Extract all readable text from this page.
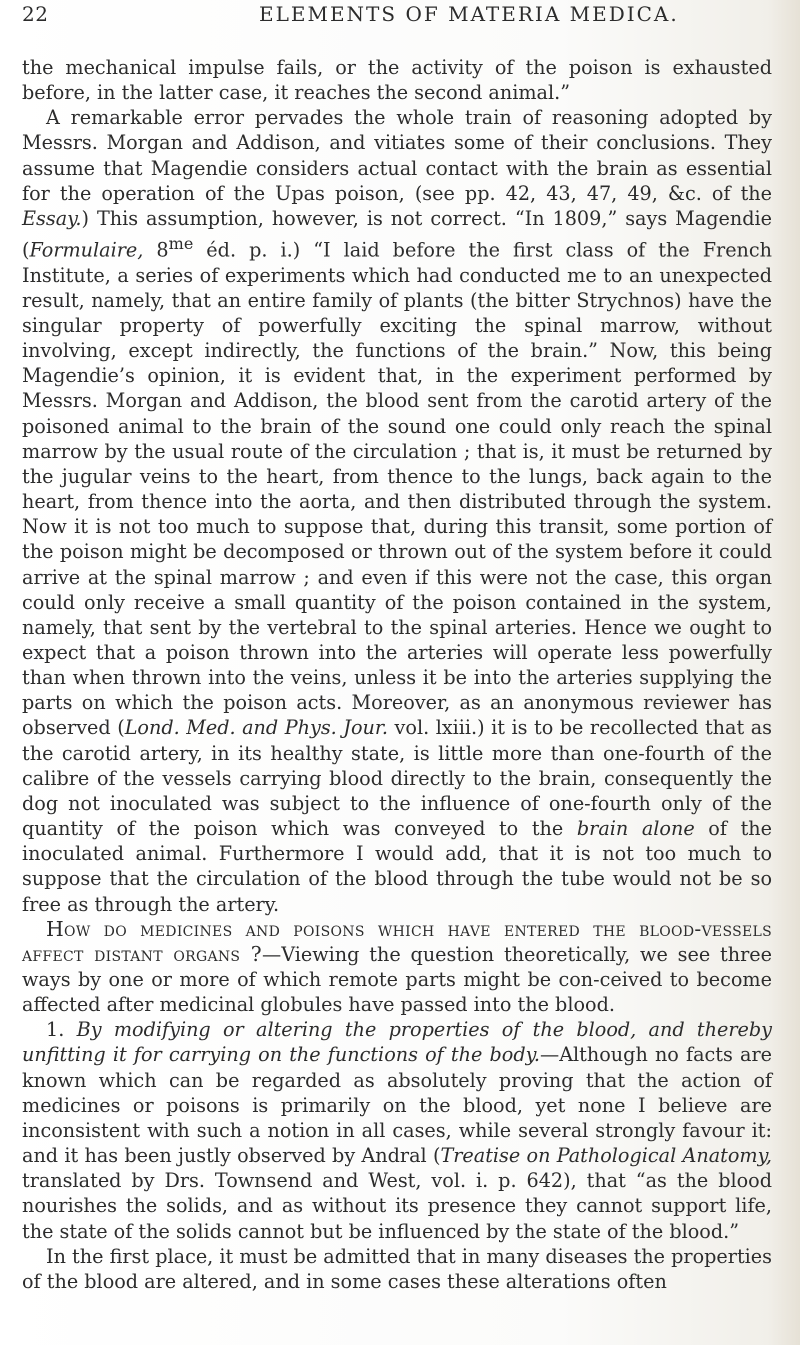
22	ELEMENTS OF MATERIA MEDICA.

the mechanical impulse fails, or the activity of the poison is exhausted before, in the latter case, it reaches the second animal.”

A remarkable error pervades the whole train of reasoning adopted by Messrs. Morgan and Addison, and vitiates some of their conclusions. They assume that Magendie considers actual contact with the brain as essential for the operation of the Upas poison, (see pp. 42, 43, 47, 49, &c. of the Essay.) This assumption, however, is not correct. “In 1809,” says Magendie (Formulaire, $8^{me}$ éd. p. i.) “I laid before the first class of the French Institute, a series of experiments which had conducted me to an unexpected result, namely, that an entire family of plants (the bitter Strychnos) have the singular property of powerfully exciting the spinal marrow, without involving, except indirectly, the functions of the brain.” Now, this being Magendie’s opinion, it is evident that, in the experiment performed by Messrs. Morgan and Addison, the blood sent from the carotid artery of the poisoned animal to the brain of the sound one could only reach the spinal marrow by the usual route of the circulation ; that is, it must be returned by the jugular veins to the heart, from thence to the lungs, back again to the heart, from thence into the aorta, and then distributed through the system. Now it is not too much to suppose that, during this transit, some portion of the poison might be decomposed or thrown out of the system before it could arrive at the spinal marrow ; and even if this were not the case, this organ could only receive a small quantity of the poison contained in the system, namely, that sent by the vertebral to the spinal arteries. Hence we ought to expect that a poison thrown into the arteries will operate less powerfully than when thrown into the veins, unless it be into the arteries supplying the parts on which the poison acts. Moreover, as an anonymous reviewer has observed (Lond. Med. and Phys. Jour. vol. lxiii.) it is to be recollected that as the carotid artery, in its healthy state, is little more than one-fourth of the calibre of the vessels carrying blood directly to the brain, consequently the dog not inoculated was subject to the influence of one-fourth only of the quantity of the poison which was conveyed to the brain alone of the inoculated animal. Furthermore I would add, that it is not too much to suppose that the circulation of the blood through the tube would not be so free as through the artery.

How do medicines and poisons which have entered the blood-vessels affect distant organs ?—Viewing the question theoretically, we see three ways by one or more of which remote parts might be con-ceived to become affected after medicinal globules have passed into the blood.

1. By modifying or altering the properties of the blood, and thereby unfitting it for carrying on the functions of the body.—Although no facts are known which can be regarded as absolutely proving that the action of medicines or poisons is primarily on the blood, yet none I believe are inconsistent with such a notion in all cases, while several strongly favour it: and it has been justly observed by Andral (Treatise on Pathological Anatomy, translated by Drs. Townsend and West, vol. i. p. 642), that “as the blood nourishes the solids, and as without its presence they cannot support life, the state of the solids cannot but be influenced by the state of the blood.”

In the first place, it must be admitted that in many diseases the properties of the blood are altered, and in some cases these alterations often
